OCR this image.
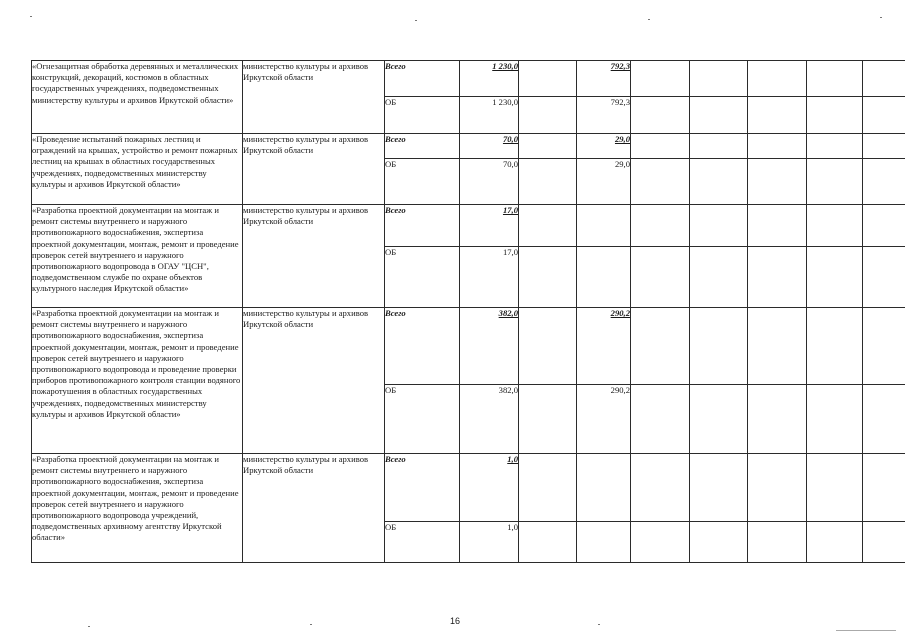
«Огнезащитная обработка деревянных и металлических конструкций, декораций, костюмов в областных государственных учреждениях, подведомственных министерству культуры и архивов Иркутской области»	министерство культуры и архивов Иркутской области	Всего	1 230,0		792,3					

		ОБ	1 230,0		792,3					

«Проведение испытаний пожарных лестниц и ограждений на крышах, устройство и ремонт пожарных лестниц на крышах в областных государственных учреждениях, подведомственных министерству культуры и архивов Иркутской области»	министерство культуры и архивов Иркутской области	Всего	70,0		29,0					

		ОБ	70,0		29,0					

«Разработка проектной документации на монтаж и ремонт системы внутреннего и наружного противопожарного водоснабжения, экспертиза проектной документации, монтаж, ремонт и проведение проверок сетей внутреннего и наружного противопожарного водопровода в ОГАУ "ЦСН", подведомственном службе по охране объектов культурного наследия Иркутской области»	министерство культуры и архивов Иркутской области	Всего	17,0							

		ОБ	17,0							

«Разработка проектной документации на монтаж и ремонт системы внутреннего и наружного противопожарного водоснабжения, экспертиза проектной документации, монтаж, ремонт и проведение проверок сетей внутреннего и наружного противопожарного водопровода и проведение проверки приборов противопожарного контроля станции водяного пожаротушения в областных государственных учреждениях, подведомственных министерству культуры и архивов Иркутской области»	министерство культуры и архивов Иркутской области	Всего	382,0		290,2					

		ОБ	382,0		290,2					

«Разработка проектной документации на монтаж и ремонт системы внутреннего и наружного противопожарного водоснабжения, экспертиза проектной документации, монтаж, ремонт и проведение проверок сетей внутреннего и наружного противопожарного водопровода учреждений, подведомственных архивному агентству Иркутской области»	министерство культуры и архивов Иркутской области	Всего	1,0							

		ОБ	1,0							

16
